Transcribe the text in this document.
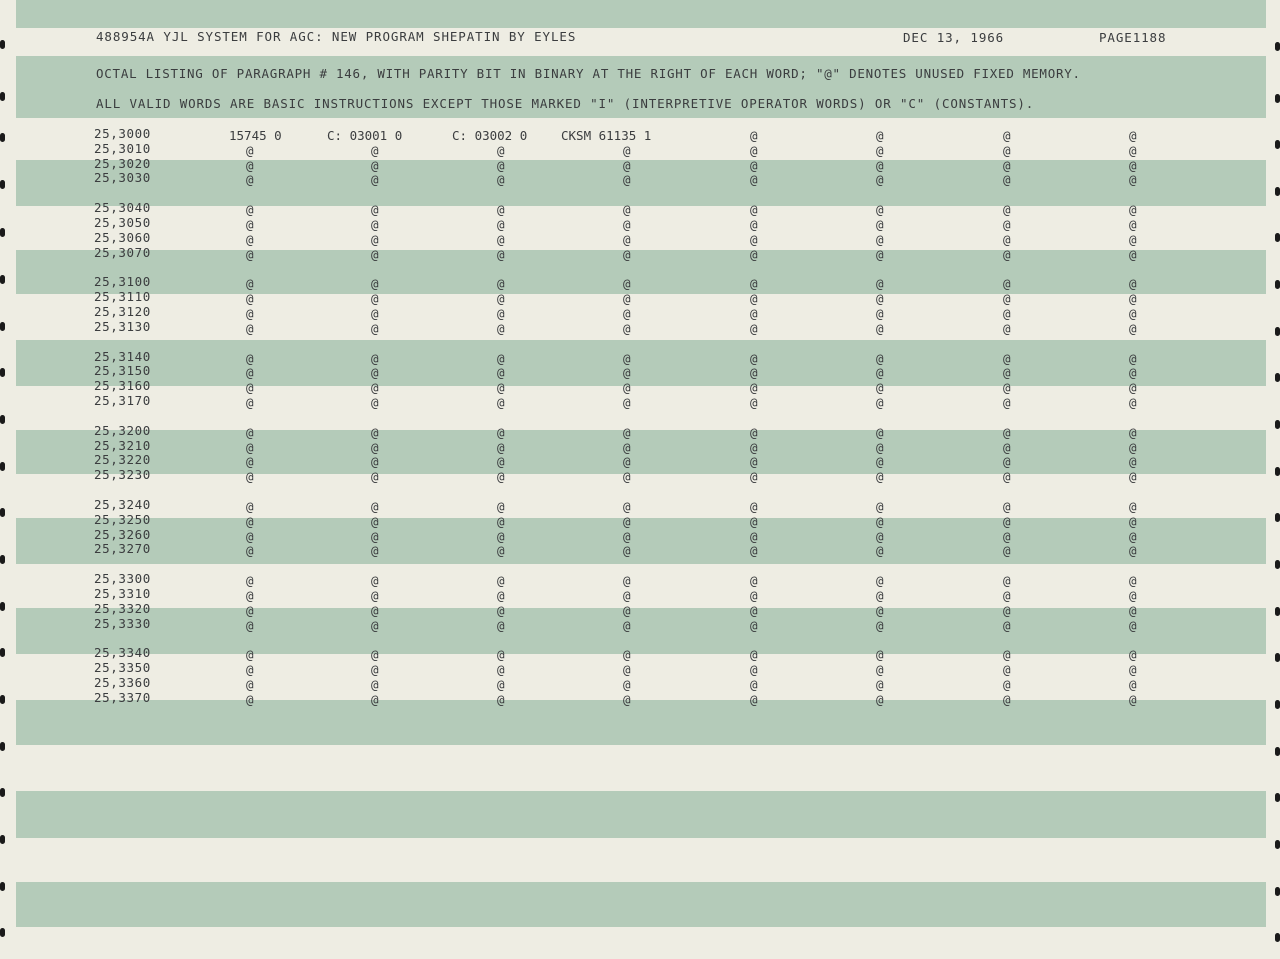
488954A YJL SYSTEM FOR AGC: NEW PROGRAM SHEPATIN BY EYLES	DEC 13, 1966	PAGE1188
OCTAL LISTING OF PARAGRAPH # 146, WITH PARITY BIT IN BINARY AT THE RIGHT OF EACH WORD; "@" DENOTES UNUSED FIXED MEMORY.
ALL VALID WORDS ARE BASIC INSTRUCTIONS EXCEPT THOSE MARKED "I" (INTERPRETIVE OPERATOR WORDS) OR "C" (CONSTANTS).
25,3000	15745 0	C: 03001 0	C: 03002 0	CKSM 61135 1	@	@	@	@
25,3010	@	@	@	@	@	@	@	@
25,3020	@	@	@	@	@	@	@	@
25,3030	@	@	@	@	@	@	@	@
25,3040	@	@	@	@	@	@	@	@
25,3050	@	@	@	@	@	@	@	@
25,3060	@	@	@	@	@	@	@	@
25,3070	@	@	@	@	@	@	@	@
25,3100	@	@	@	@	@	@	@	@
25,3110	@	@	@	@	@	@	@	@
25,3120	@	@	@	@	@	@	@	@
25,3130	@	@	@	@	@	@	@	@
25,3140	@	@	@	@	@	@	@	@
25,3150	@	@	@	@	@	@	@	@
25,3160	@	@	@	@	@	@	@	@
25,3170	@	@	@	@	@	@	@	@
25,3200	@	@	@	@	@	@	@	@
25,3210	@	@	@	@	@	@	@	@
25,3220	@	@	@	@	@	@	@	@
25,3230	@	@	@	@	@	@	@	@
25,3240	@	@	@	@	@	@	@	@
25,3250	@	@	@	@	@	@	@	@
25,3260	@	@	@	@	@	@	@	@
25,3270	@	@	@	@	@	@	@	@
25,3300	@	@	@	@	@	@	@	@
25,3310	@	@	@	@	@	@	@	@
25,3320	@	@	@	@	@	@	@	@
25,3330	@	@	@	@	@	@	@	@
25,3340	@	@	@	@	@	@	@	@
25,3350	@	@	@	@	@	@	@	@
25,3360	@	@	@	@	@	@	@	@
25,3370	@	@	@	@	@	@	@	@
